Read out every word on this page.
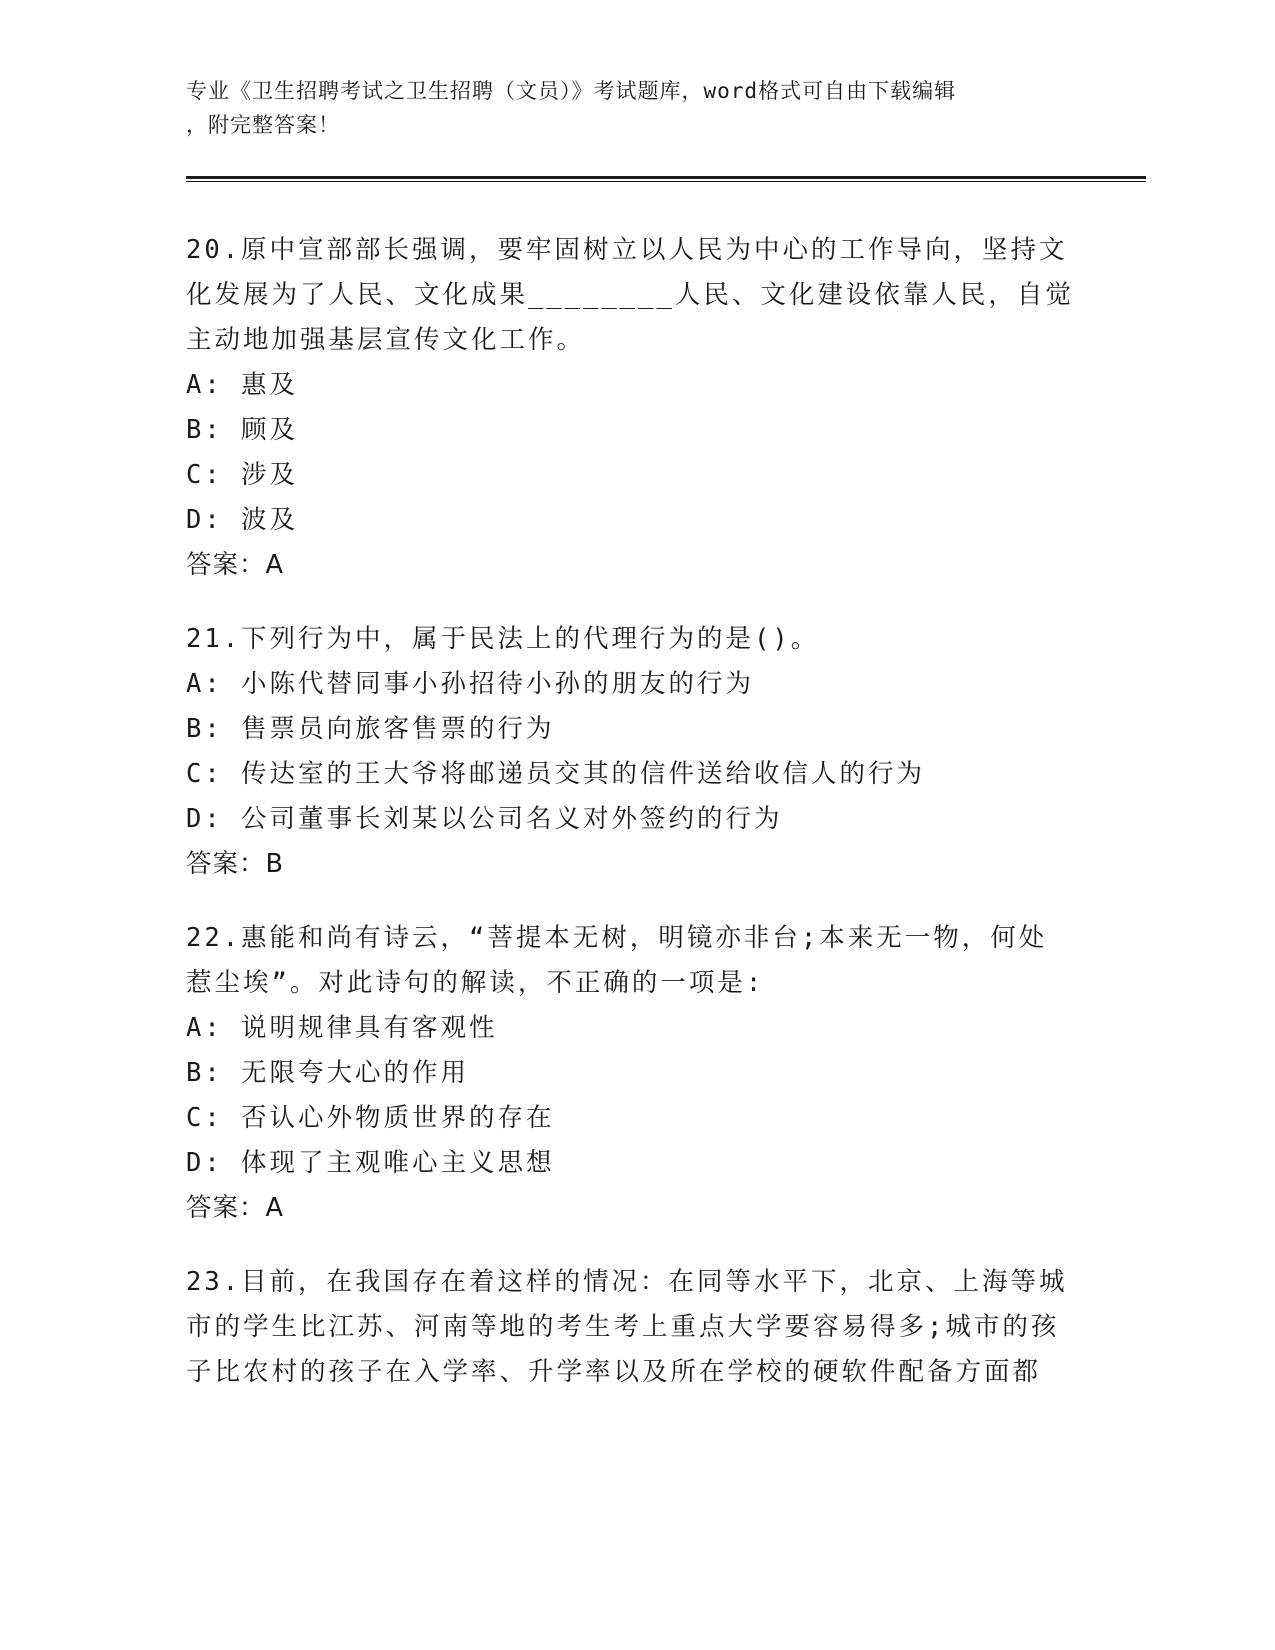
专业《卫生招聘考试之卫生招聘（文员）》考试题库，word格式可自由下载编辑
，附完整答案！
20.原中宣部部长强调，要牢固树立以人民为中心的工作导向，坚持文
化发展为了人民、文化成果________人民、文化建设依靠人民，自觉
主动地加强基层宣传文化工作。
A: 惠及
B: 顾及
C: 涉及
D: 波及
答案：A
21.下列行为中，属于民法上的代理行为的是()。
A: 小陈代替同事小孙招待小孙的朋友的行为
B: 售票员向旅客售票的行为
C: 传达室的王大爷将邮递员交其的信件送给收信人的行为
D: 公司董事长刘某以公司名义对外签约的行为
答案：B
22.惠能和尚有诗云，“菩提本无树，明镜亦非台;本来无一物，何处
惹尘埃”。对此诗句的解读，不正确的一项是:
A: 说明规律具有客观性
B: 无限夸大心的作用
C: 否认心外物质世界的存在
D: 体现了主观唯心主义思想
答案：A
23.目前，在我国存在着这样的情况：在同等水平下，北京、上海等城
市的学生比江苏、河南等地的考生考上重点大学要容易得多;城市的孩
子比农村的孩子在入学率、升学率以及所在学校的硬软件配备方面都
